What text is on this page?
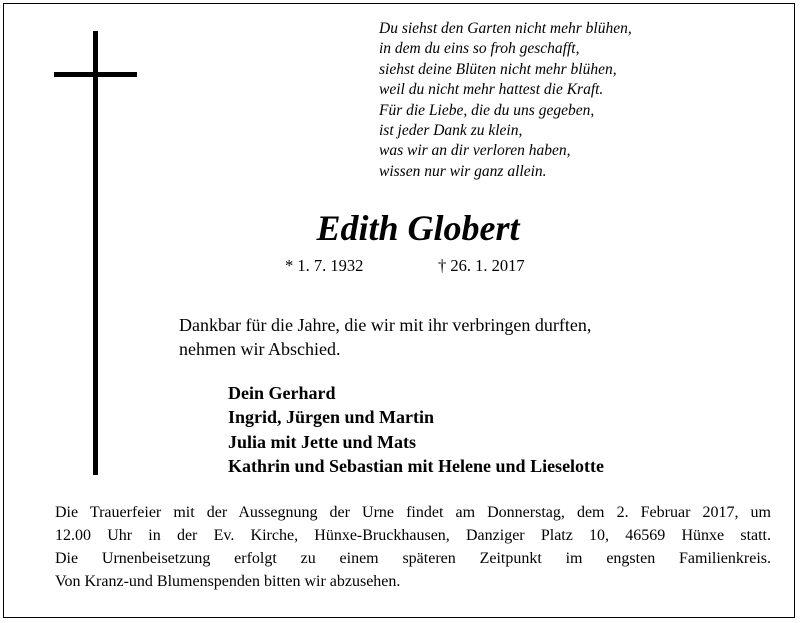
Du siehst den Garten nicht mehr blühen,
in dem du eins so froh geschafft,
siehst deine Blüten nicht mehr blühen,
weil du nicht mehr hattest die Kraft.
Für die Liebe, die du uns gegeben,
ist jeder Dank zu klein,
was wir an dir verloren haben,
wissen nur wir ganz allein.
Edith Globert
* 1. 7. 1932	† 26. 1. 2017
Dankbar für die Jahre, die wir mit ihr verbringen durften,
nehmen wir Abschied.
Dein Gerhard
Ingrid, Jürgen und Martin
Julia mit Jette und Mats
Kathrin und Sebastian mit Helene und Lieselotte
Die Trauerfeier mit der Aussegnung der Urne findet am Donnerstag, dem 2. Februar 2017, um
12.00 Uhr in der Ev. Kirche, Hünxe-Bruckhausen, Danziger Platz 10, 46569 Hünxe statt.
Die Urnenbeisetzung erfolgt zu einem späteren Zeitpunkt im engsten Familienkreis.
Von Kranz-und Blumenspenden bitten wir abzusehen.
